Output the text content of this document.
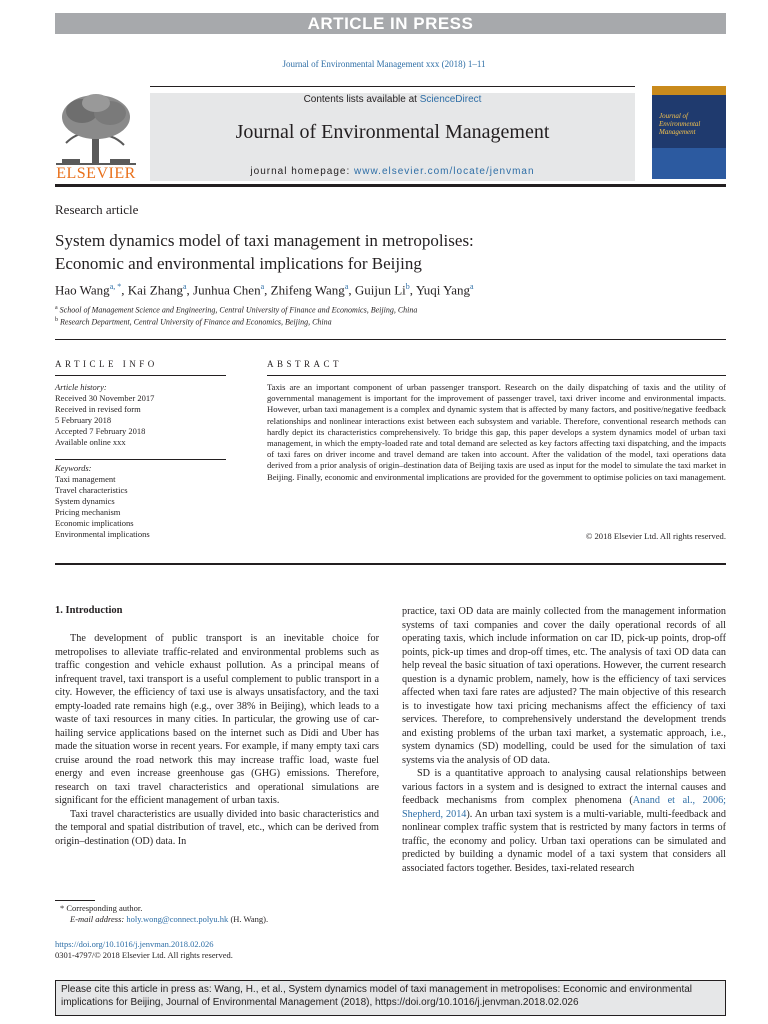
ARTICLE IN PRESS
Journal of Environmental Management xxx (2018) 1–11
ELSEVIER
Contents lists available at ScienceDirect
Journal of Environmental Management
journal homepage: www.elsevier.com/locate/jenvman
Journal of Environmental Management
Research article
System dynamics model of taxi management in metropolises:
Economic and environmental implications for Beijing
Hao Wang$^{a, *}$, Kai Zhang$^a$, Junhua Chen$^a$, Zhifeng Wang$^a$, Guijun Li$^b$, Yuqi Yang$^a$
$^a$ School of Management Science and Engineering, Central University of Finance and Economics, Beijing, China
$^b$ Research Department, Central University of Finance and Economics, Beijing, China
ARTICLE INFO	ABSTRACT
Article history:
Received 30 November 2017
Received in revised form
5 February 2018
Accepted 7 February 2018
Available online xxx
Keywords:
Taxi management
Travel characteristics
System dynamics
Pricing mechanism
Economic implications
Environmental implications
Taxis are an important component of urban passenger transport. Research on the daily dispatching of taxis and the utility of governmental management is important for the improvement of passenger travel, taxi driver income and environmental impacts. However, urban taxi management is a complex and dynamic system that is affected by many factors, and positive/negative feedback relationships and nonlinear interactions exist between each subsystem and variable. Therefore, conventional research methods can hardly depict its characteristics comprehensively. To bridge this gap, this paper develops a system dynamics model of urban taxi management, in which the empty-loaded rate and total demand are selected as key factors affecting taxi dispatching, and the impacts of taxi fares on driver income and travel demand are taken into account. After the validation of the model, taxi operations data derived from a prior analysis of origin–destination data of Beijing taxis are used as input for the model to simulate the taxi market in Beijing. Finally, economic and environmental implications are provided for the government to optimise policies on taxi management.
© 2018 Elsevier Ltd. All rights reserved.
1. Introduction

The development of public transport is an inevitable choice for metropolises to alleviate traffic-related and environmental problems such as traffic congestion and vehicle exhaust pollution. As a principal means of infrequent travel, taxi transport is a useful complement to public transport in a city. However, the efficiency of taxi use is always unsatisfactory, and the taxi empty-loaded rate remains high (e.g., over 38% in Beijing), which leads to a waste of taxi resources in many cities. In particular, the growing use of car-hailing service applications based on the internet such as Didi and Uber has made the situation worse in recent years. For example, if many empty taxi cars cruise around the road network this may increase traffic load, waste fuel energy and even increase greenhouse gas (GHG) emissions. Therefore, research on taxi travel characteristics and operational simulations are significant for the efficient management of urban taxis.

Taxi travel characteristics are usually divided into basic characteristics and the temporal and spatial distribution of travel, etc., which can be derived from origin–destination (OD) data. In

practice, taxi OD data are mainly collected from the management information systems of taxi companies and cover the daily operational records of all operating taxis, which include information on car ID, pick-up points, drop-off points, pick-up times and drop-off times, etc. The analysis of taxi OD data can help reveal the basic situation of taxi operations. However, the current research question is a dynamic problem, namely, how is the efficiency of taxi services affected when taxi fare rates are adjusted? The main objective of this research is to investigate how taxi pricing mechanisms affect the efficiency of taxi services. Therefore, to comprehensively understand the development trends and existing problems of the urban taxi market, a systematic approach, i.e., system dynamics (SD) modelling, could be used for the simulation of taxi systems via the analysis of OD data.

SD is a quantitative approach to analysing causal relationships between various factors in a system and is designed to extract the internal causes and feedback mechanisms from complex phenomena (Anand et al., 2006; Shepherd, 2014). An urban taxi system is a multi-variable, multi-feedback and nonlinear complex traffic system that is restricted by many factors in terms of traffic, the economy and policy. Urban taxi operations can be simulated and predicted by building a dynamic model of a taxi system that considers all associated factors together. Besides, taxi-related research

* Corresponding author.
E-mail address: holy.wong@connect.polyu.hk (H. Wang).
https://doi.org/10.1016/j.jenvman.2018.02.026
0301-4797/© 2018 Elsevier Ltd. All rights reserved.
Please cite this article in press as: Wang, H., et al., System dynamics model of taxi management in metropolises: Economic and environmental implications for Beijing, Journal of Environmental Management (2018), https://doi.org/10.1016/j.jenvman.2018.02.026
